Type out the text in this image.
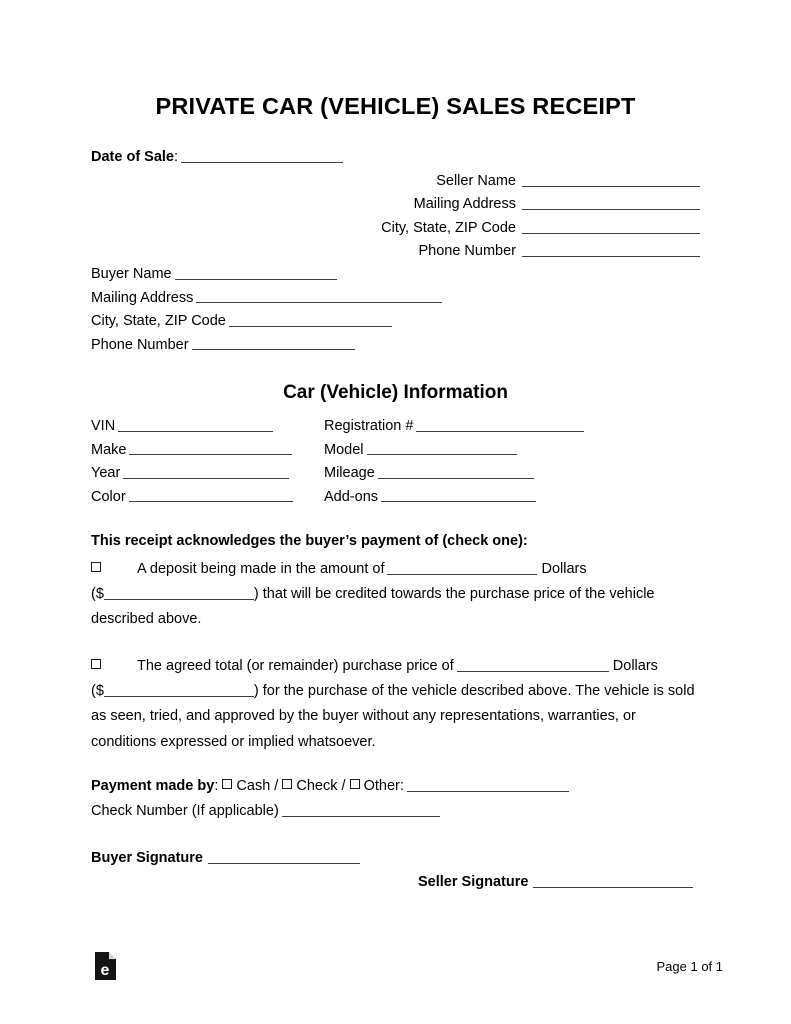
PRIVATE CAR (VEHICLE) SALES RECEIPT
Date of Sale:
Seller Name
Mailing Address
City, State, ZIP Code
Phone Number
Buyer Name
Mailing Address
City, State, ZIP Code
Phone Number
Car (Vehicle) Information
VIN	Registration #
Make	Model
Year	Mileage
Color	Add-ons
This receipt acknowledges the buyer’s payment of (check one):
A deposit being made in the amount of	Dollars
($	) that will be credited towards the purchase price of the vehicle described above.
The agreed total (or remainder) purchase price of	Dollars
($	) for the purchase of the vehicle described above. The vehicle is sold as seen, tried, and approved by the buyer without any representations, warranties, or conditions expressed or implied whatsoever.
Payment made by: Cash / Check / Other:
Check Number (If applicable)
Buyer Signature
Seller Signature
e	Page 1 of 1
